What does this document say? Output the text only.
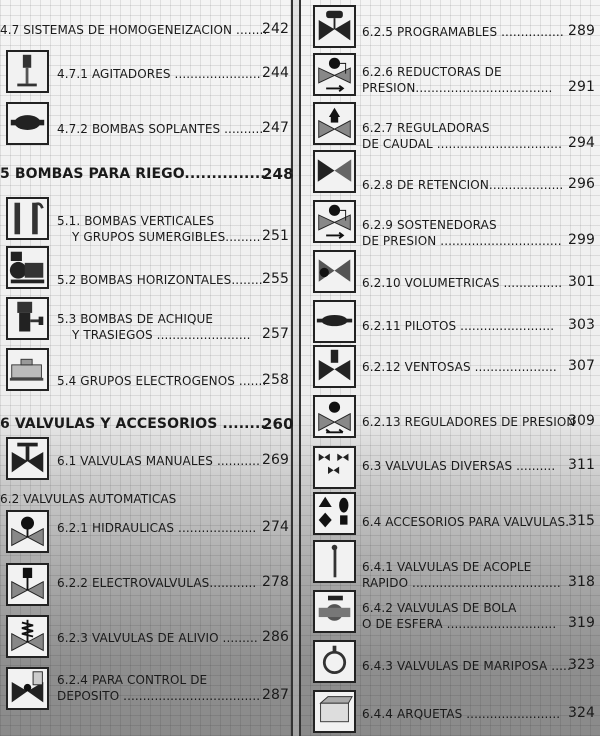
4.7 SISTEMAS DE HOMOGENEIZACION ........
242
4.7.1 AGITADORES ...................... 244
4.7.2 BOMBAS SOPLANTES ..........
247
5 BOMBAS PARA RIEGO...............
248
5.1. BOMBAS VERTICALES
Y GRUPOS SUMERGIBLES......... 251
5.2 BOMBAS HORIZONTALES........ 255
5.3 BOMBAS DE ACHIQUE
Y TRASIEGOS ........................ 257
5.4 GRUPOS ELECTROGENOS .......
258
6 VALVULAS Y ACCESORIOS ........
260
6.1 VALVULAS MANUALES ........... 269
6.2 VALVULAS AUTOMATICAS
6.2.1 HIDRAULICAS .................... 274
6.2.2 ELECTROVALVULAS............ 278
6.2.3 VALVULAS DE ALIVIO ......... 286
6.2.4 PARA CONTROL DE
DEPOSITO ................................... 287
6.2.5 PROGRAMABLES ................ 289
6.2.6 REDUCTORAS DE
PRESION................................... 291
6.2.7 REGULADORAS
DE CAUDAL ................................ 294
6.2.8 DE RETENCION................... 296
6.2.9 SOSTENEDORAS
DE PRESION ............................... 299
6.2.10 VOLUMETRICAS ............... 301
6.2.11 PILOTOS ........................ 303
6.2.12 VENTOSAS ..................... 307
6.2.13 REGULADORES DE PRESION
309
6.3 VALVULAS DIVERSAS .......... 311
6.4 ACCESORIOS PARA VALVULAS.
315
6.4.1 VALVULAS DE ACOPLE
RAPIDO ...................................... 318
6.4.2 VALVULAS DE BOLA
O DE ESFERA ............................ 319
6.4.3 VALVULAS DE MARIPOSA .....
323
6.4.4 ARQUETAS ........................ 324
